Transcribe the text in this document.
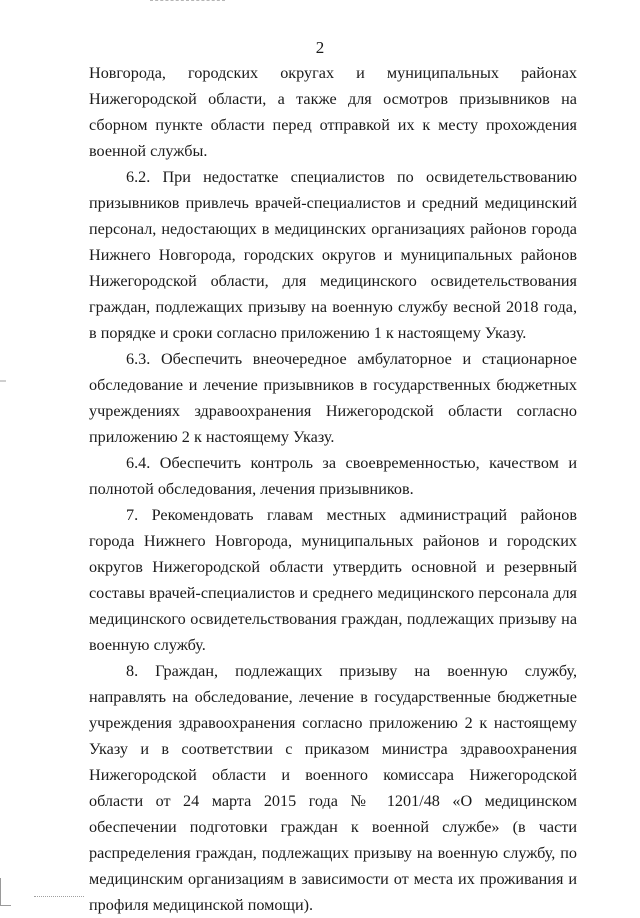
2

Новгорода, городских округах и муниципальных районах Нижегородской области, а также для осмотров призывников на сборном пункте области перед отправкой их к месту прохождения военной службы.

6.2. При недостатке специалистов по освидетельствованию призывников привлечь врачей-специалистов и средний медицинский персонал, недостающих в медицинских организациях районов города Нижнего Новгорода, городских округов и муниципальных районов Нижегородской области, для медицинского освидетельствования граждан, подлежащих призыву на военную службу весной 2018 года, в порядке и сроки согласно приложению 1 к настоящему Указу.

6.3. Обеспечить внеочередное амбулаторное и стационарное обследование и лечение призывников в государственных бюджетных учреждениях здравоохранения Нижегородской области согласно приложению 2 к настоящему Указу.

6.4. Обеспечить контроль за своевременностью, качеством и полнотой обследования, лечения призывников.

7. Рекомендовать главам местных администраций районов города Нижнего Новгорода, муниципальных районов и городских округов Нижегородской области утвердить основной и резервный составы врачей-специалистов и среднего медицинского персонала для медицинского освидетельствования граждан, подлежащих призыву на военную службу.

8. Граждан, подлежащих призыву на военную службу, направлять на обследование, лечение в государственные бюджетные учреждения здравоохранения согласно приложению 2 к настоящему Указу и в соответствии с приказом министра здравоохранения Нижегородской области и военного комиссара Нижегородской области от 24 марта 2015 года № 1201/48 «О медицинском обеспечении подготовки граждан к военной службе» (в части распределения граждан, подлежащих призыву на военную службу, по медицинским организациям в зависимости от места их проживания и профиля медицинской помощи).
